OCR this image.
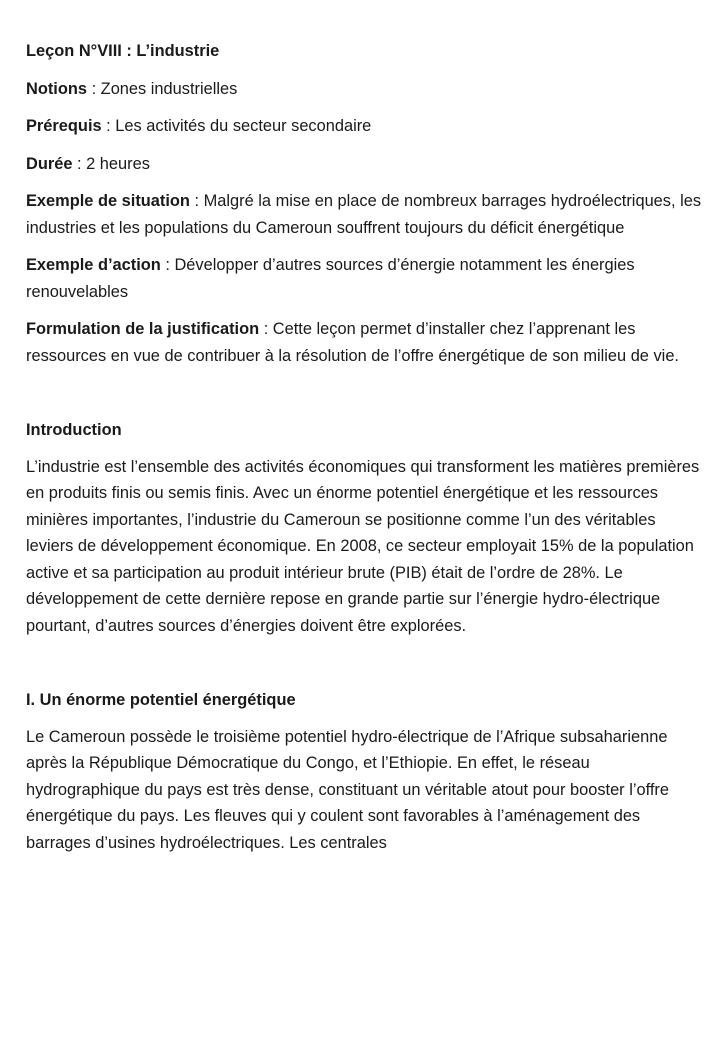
Leçon N°VIII : L’industrie

Notions : Zones industrielles

Prérequis : Les activités du secteur secondaire

Durée : 2 heures

Exemple de situation : Malgré la mise en place de nombreux barrages hydroélectriques, les industries et les populations du Cameroun souffrent toujours du déficit énergétique

Exemple d’action : Développer d’autres sources d’énergie notamment les énergies renouvelables

Formulation de la justification : Cette leçon permet d’installer chez l’apprenant les ressources en vue de contribuer à la résolution de l’offre énergétique de son milieu de vie.

Introduction

L’industrie est l’ensemble des activités économiques qui transforment les matières premières en produits finis ou semis finis. Avec un énorme potentiel énergétique et les ressources minières importantes, l’industrie du Cameroun se positionne comme l’un des véritables leviers de développement économique. En 2008, ce secteur employait 15% de la population active et sa participation au produit intérieur brute (PIB) était de l’ordre de 28%. Le développement de cette dernière repose en grande partie sur l’énergie hydro-électrique pourtant, d’autres sources d’énergies doivent être explorées.

I. Un énorme potentiel énergétique

Le Cameroun possède le troisième potentiel hydro-électrique de l’Afrique subsaharienne après la République Démocratique du Congo, et l’Ethiopie. En effet, le réseau hydrographique du pays est très dense, constituant un véritable atout pour booster l’offre énergétique du pays. Les fleuves qui y coulent sont favorables à l’aménagement des barrages d’usines hydroélectriques. Les centrales
